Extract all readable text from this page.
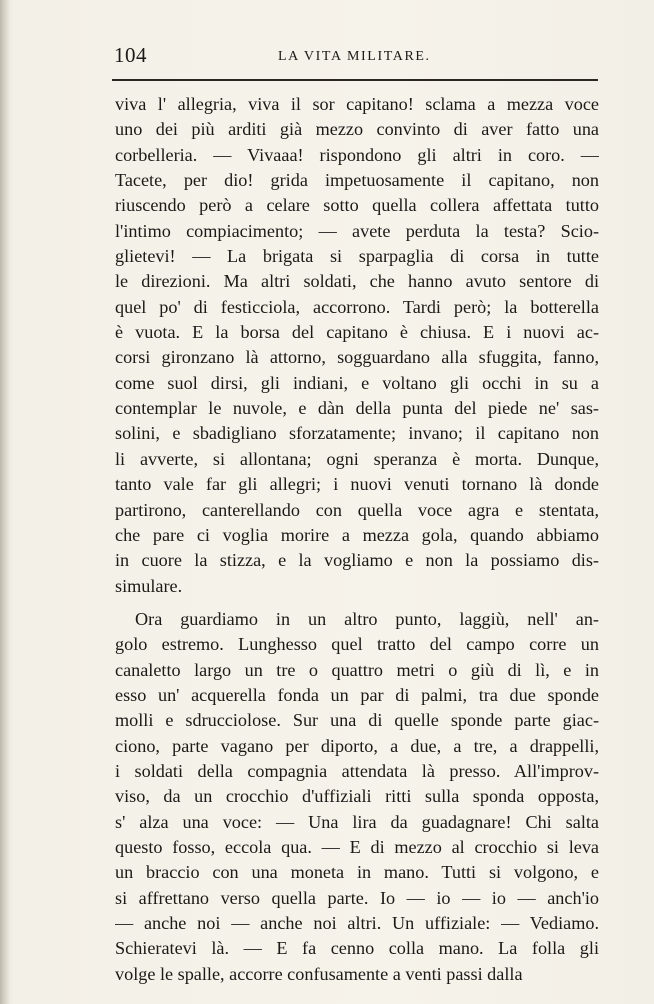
104	LA VITA MILITARE.
viva l' allegria, viva il sor capitano! sclama a mezza voce
uno dei più arditi già mezzo convinto di aver fatto una
corbelleria. — Vivaaa! rispondono gli altri in coro. —
Tacete, per dio! grida impetuosamente il capitano, non
riuscendo però a celare sotto quella collera affettata tutto
l'intimo compiacimento; — avete perduta la testa? Scio-
glietevi! — La brigata si sparpaglia di corsa in tutte
le direzioni. Ma altri soldati, che hanno avuto sentore di
quel po' di festicciola, accorrono. Tardi però; la botterella
è vuota. E la borsa del capitano è chiusa. E i nuovi ac-
corsi gironzano là attorno, sogguardano alla sfuggita, fanno,
come suol dirsi, gli indiani, e voltano gli occhi in su a
contemplar le nuvole, e dàn della punta del piede ne' sas-
solini, e sbadigliano sforzatamente; invano; il capitano non
li avverte, si allontana; ogni speranza è morta. Dunque,
tanto vale far gli allegri; i nuovi venuti tornano là donde
partirono, canterellando con quella voce agra e stentata,
che pare ci voglia morire a mezza gola, quando abbiamo
in cuore la stizza, e la vogliamo e non la possiamo dis-
simulare.
Ora guardiamo in un altro punto, laggiù, nell' an-
golo estremo. Lunghesso quel tratto del campo corre un
canaletto largo un tre o quattro metri o giù di lì, e in
esso un' acquerella fonda un par di palmi, tra due sponde
molli e sdrucciolose. Sur una di quelle sponde parte giac-
ciono, parte vagano per diporto, a due, a tre, a drappelli,
i soldati della compagnia attendata là presso. All'improv-
viso, da un crocchio d'uffiziali ritti sulla sponda opposta,
s' alza una voce: — Una lira da guadagnare! Chi salta
questo fosso, eccola qua. — E di mezzo al crocchio si leva
un braccio con una moneta in mano. Tutti si volgono, e
si affrettano verso quella parte. Io — io — io — anch'io
— anche noi — anche noi altri. Un uffiziale: — Vediamo.
Schieratevi là. — E fa cenno colla mano. La folla gli
volge le spalle, accorre confusamente a venti passi dalla
